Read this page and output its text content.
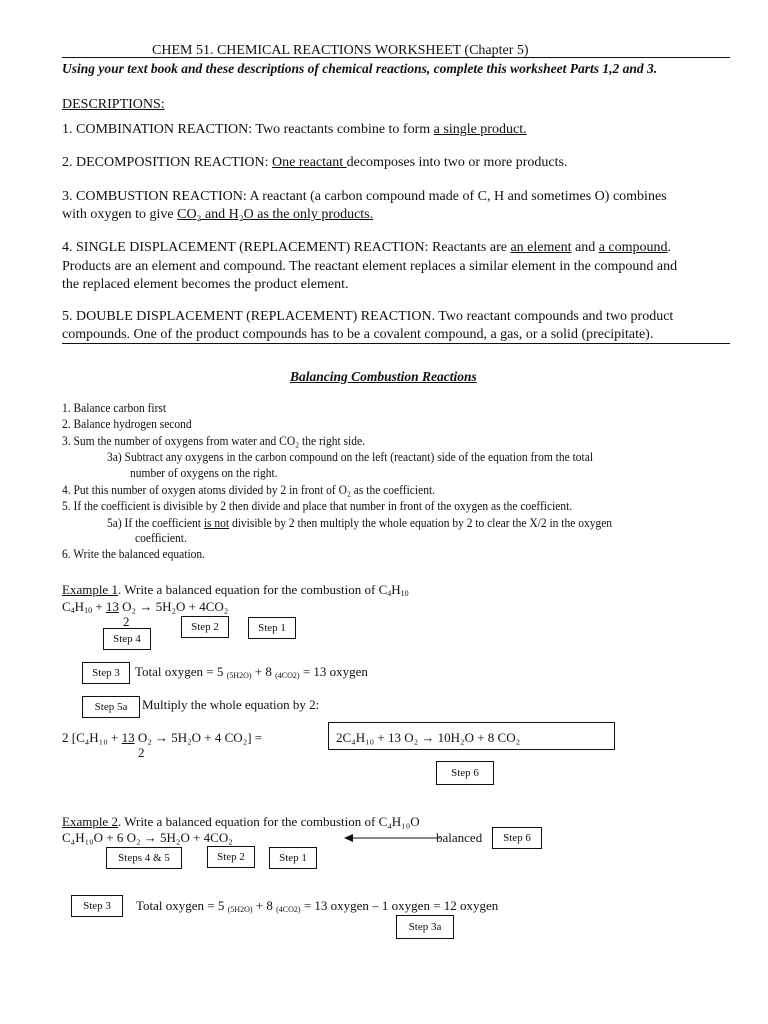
CHEM 51. CHEMICAL REACTIONS WORKSHEET (Chapter 5)
Using your text book and these descriptions of chemical reactions, complete this worksheet Parts 1,2 and 3.
DESCRIPTIONS:
1. COMBINATION REACTION: Two reactants combine to form a single product.
2. DECOMPOSITION REACTION: One reactant decomposes into two or more products.
3. COMBUSTION REACTION: A reactant (a carbon compound made of C, H and sometimes O) combines
with oxygen to give CO₂ and H₂O as the only products.
4. SINGLE DISPLACEMENT (REPLACEMENT) REACTION: Reactants are an element and a compound.
Products are an element and compound. The reactant element replaces a similar element in the compound and
the replaced element becomes the product element.
5. DOUBLE DISPLACEMENT (REPLACEMENT) REACTION. Two reactant compounds and two product
compounds. One of the product compounds has to be a covalent compound, a gas, or a solid (precipitate).
Balancing Combustion Reactions
1. Balance carbon first
2. Balance hydrogen second
3. Sum the number of oxygens from water and CO₂ the right side.
3a) Subtract any oxygens in the carbon compound on the left (reactant) side of the equation from the total
number of oxygens on the right.
4. Put this number of oxygen atoms divided by 2 in front of O₂ as the coefficient.
5. If the coefficient is divisible by 2 then divide and place that number in front of the oxygen as the coefficient.
5a) If the coefficient is not divisible by 2 then multiply the whole equation by 2 to clear the X/2 in the oxygen
coefficient.
6. Write the balanced equation.
Example 1. Write a balanced equation for the combustion of $C_4H_{10}$
$C_4H_{10} + 13$ O₂ → 5H₂O + 4CO₂
2
Step 4
Step 2	Step 1
Step 3	Total oxygen = 5 $_{(5H2O)}$ + 8 $_{(4CO2)}$ = 13 oxygen
Step 5a	Multiply the whole equation by 2:
2 [C₄H₁₀ + 13 O₂ → 5H₂O + 4 CO₂] =
2
2C₄H₁₀ + 13 O₂ → 10H₂O + 8 CO₂
Step 6
Example 2. Write a balanced equation for the combustion of C₄H₁₀O
C₄H₁₀O + 6 O₂ → 5H₂O + 4CO₂	balanced	Step 6
Steps 4 & 5	Step 2	Step 1
Step 3	Total oxygen = 5 $_{(5H2O)}$ + 8 $_{(4CO2)}$ = 13 oxygen – 1 oxygen = 12 oxygen
Step 3a
